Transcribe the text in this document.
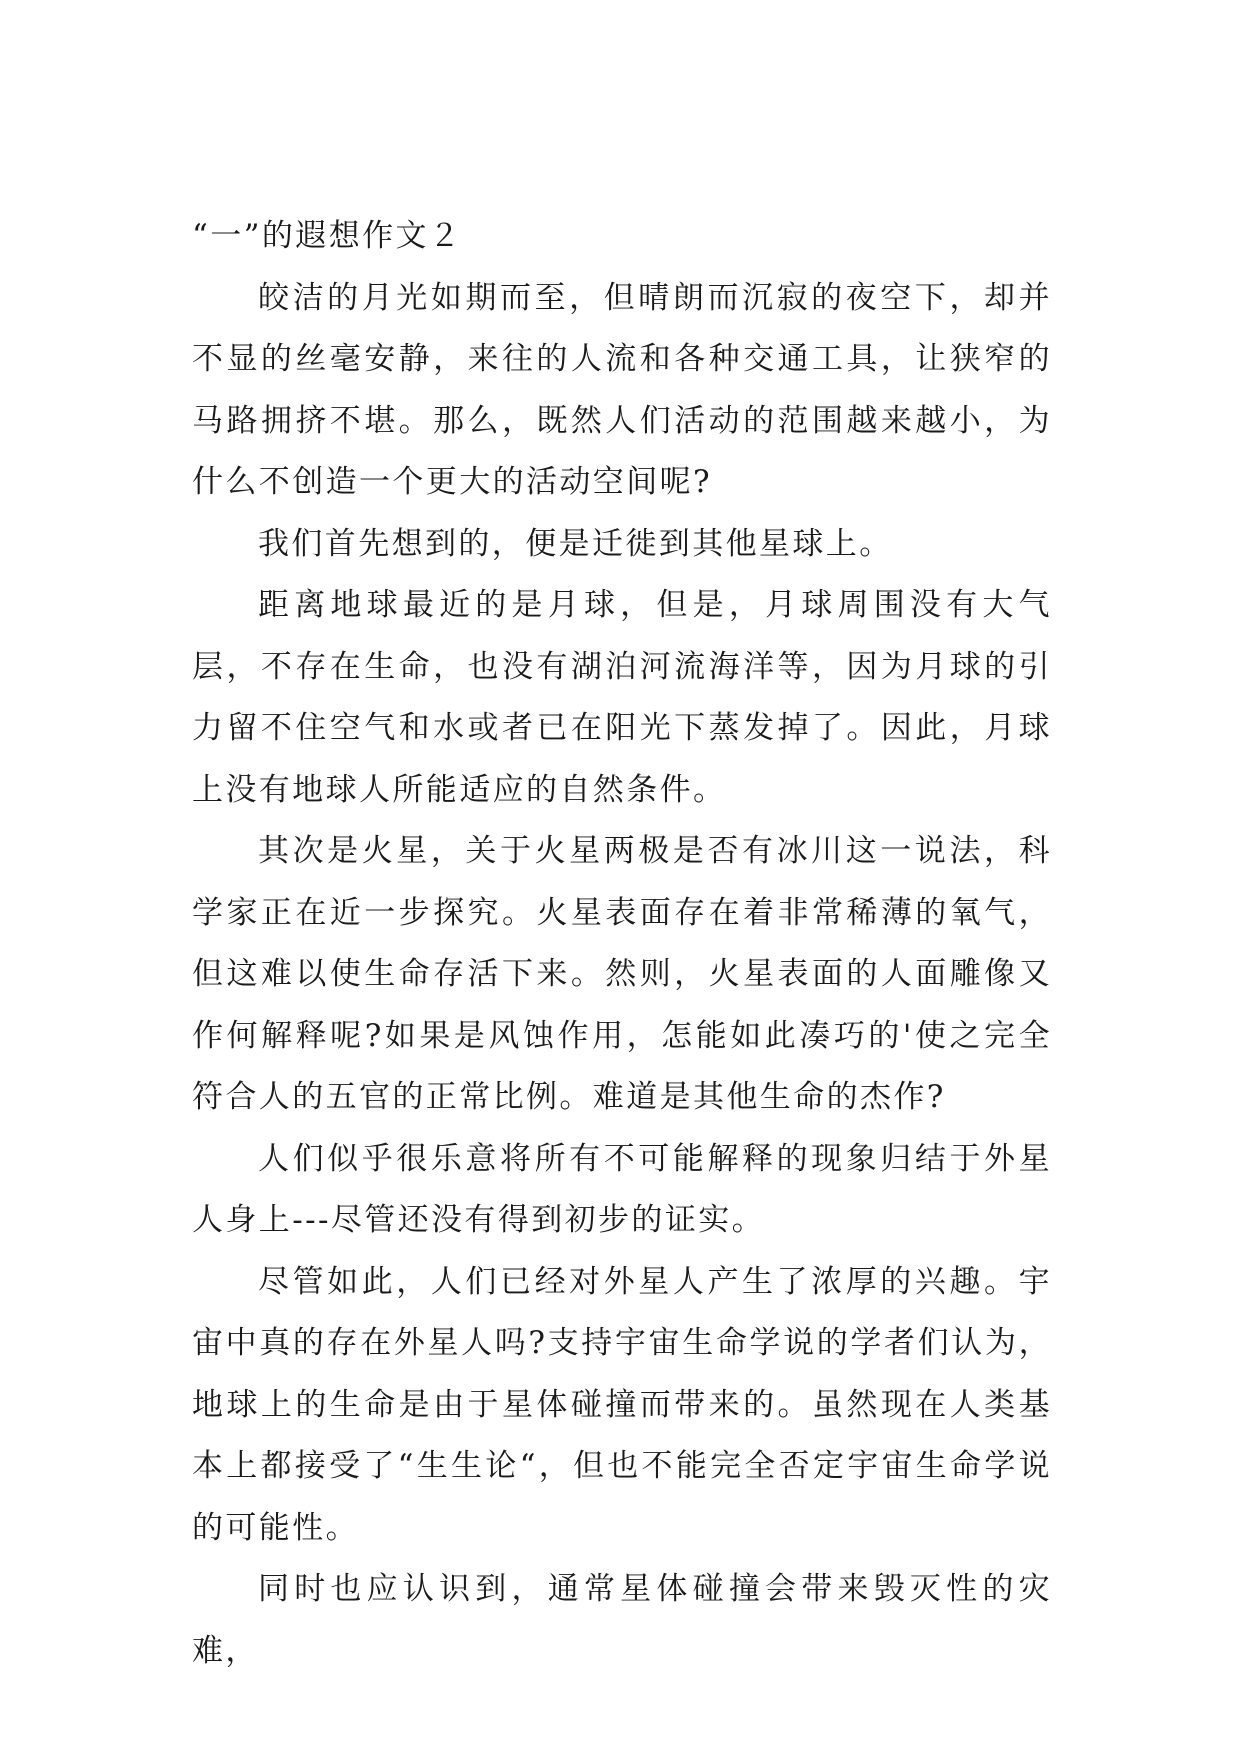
“一”的遐想作文２

皎洁的月光如期而至，但晴朗而沉寂的夜空下，却并不显的丝毫安静，来往的人流和各种交通工具，让狭窄的马路拥挤不堪。那么，既然人们活动的范围越来越小，为什么不创造一个更大的活动空间呢?

我们首先想到的，便是迁徙到其他星球上。

距离地球最近的是月球，但是，月球周围没有大气层，不存在生命，也没有湖泊河流海洋等，因为月球的引力留不住空气和水或者已在阳光下蒸发掉了。因此，月球上没有地球人所能适应的自然条件。

其次是火星，关于火星两极是否有冰川这一说法，科学家正在近一步探究。火星表面存在着非常稀薄的氧气，但这难以使生命存活下来。然则，火星表面的人面雕像又作何解释呢?如果是风蚀作用，怎能如此凑巧的'使之完全符合人的五官的正常比例。难道是其他生命的杰作?

人们似乎很乐意将所有不可能解释的现象归结于外星人身上---尽管还没有得到初步的证实。

尽管如此，人们已经对外星人产生了浓厚的兴趣。宇宙中真的存在外星人吗?支持宇宙生命学说的学者们认为，地球上的生命是由于星体碰撞而带来的。虽然现在人类基本上都接受了“生生论“，但也不能完全否定宇宙生命学说的可能性。

同时也应认识到，通常星体碰撞会带来毁灭性的灾难，
